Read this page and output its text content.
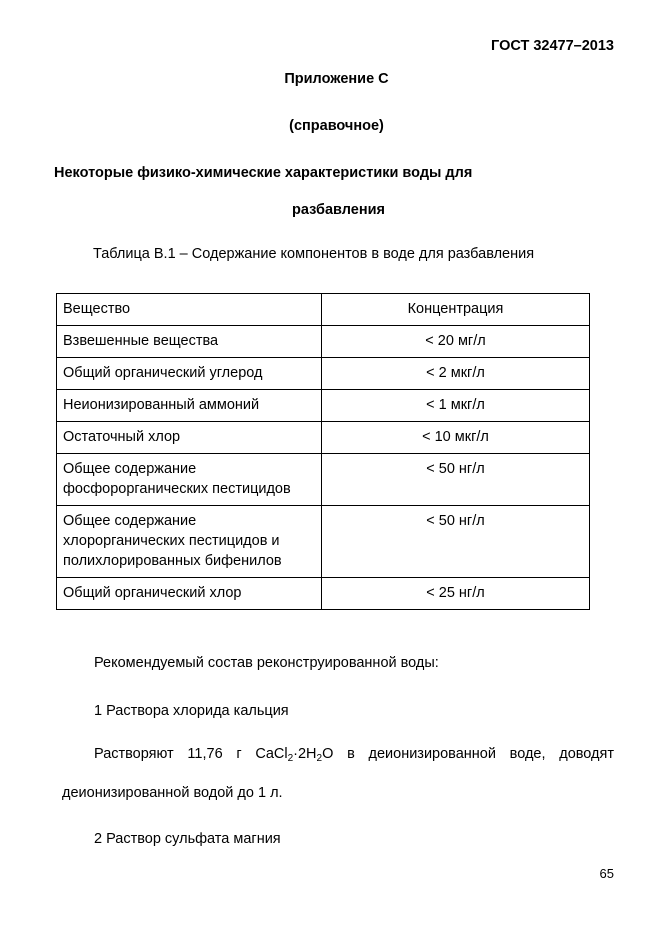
ГОСТ 32477–2013
Приложение С
(справочное)
Некоторые физико-химические характеристики воды для
разбавления
Таблица В.1 – Содержание компонентов в воде для разбавления
Вещество	Концентрация
Взвешенные вещества	< 20 мг/л
Общий органический углерод	< 2 мкг/л
Неионизированный аммоний	< 1 мкг/л
Остаточный хлор	< 10 мкг/л
Общее содержание
фосфорорганических пестицидов	< 50 нг/л
Общее содержание
хлорорганических пестицидов и
полихлорированных бифенилов	< 50 нг/л
Общий органический хлор	< 25 нг/л
Рекомендуемый состав реконструированной воды:
1 Раствора хлорида кальция
Растворяют 11,76 г $CaCl_2\cdot 2H_2O$ в деионизированной воде, доводят
деионизированной водой до 1 л.
2 Раствор сульфата магния
65
